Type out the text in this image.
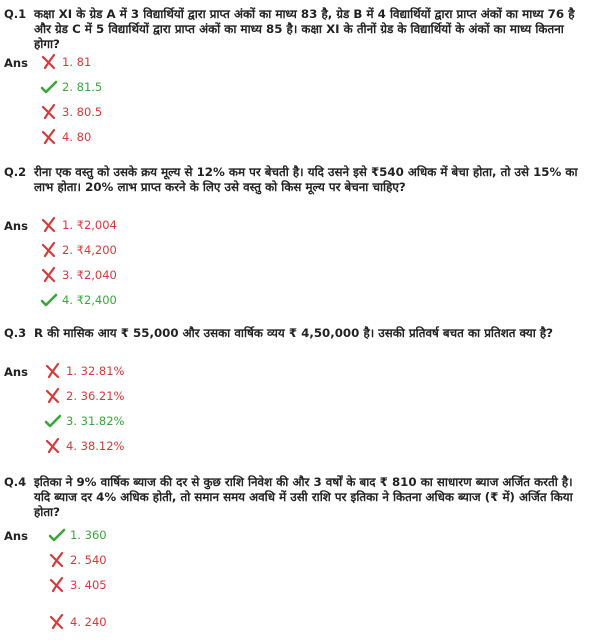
Q.1 कक्षा XI के ग्रेड A में 3 विद्यार्थियों द्वारा प्राप्त अंकों का माध्य 83 है, ग्रेड B में 4 विद्यार्थियों द्वारा प्राप्त अंकों का माध्य 76 है और ग्रेड C में 5 विद्यार्थियों द्वारा प्राप्त अंकों का माध्य 85 है। कक्षा XI के तीनों ग्रेड के विद्यार्थियों के अंकों का माध्य कितना होगा?
Ans	1. 81
2. 81.5
3. 80.5
4. 80
Q.2 रीना एक वस्तु को उसके क्रय मूल्य से 12% कम पर बेचती है। यदि उसने इसे ₹540 अधिक में बेचा होता, तो उसे 15% का लाभ होता। 20% लाभ प्राप्त करने के लिए उसे वस्तु को किस मूल्य पर बेचना चाहिए?
Ans	1. ₹2,004
2. ₹4,200
3. ₹2,040
4. ₹2,400
Q.3 R की मासिक आय ₹ 55,000 और उसका वार्षिक व्यय ₹ 4,50,000 है। उसकी प्रतिवर्ष बचत का प्रतिशत क्या है?
Ans	1. 32.81%
2. 36.21%
3. 31.82%
4. 38.12%
Q.4 इतिका ने 9% वार्षिक ब्याज की दर से कुछ राशि निवेश की और 3 वर्षों के बाद ₹ 810 का साधारण ब्याज अर्जित करती है। यदि ब्याज दर 4% अधिक होती, तो समान समय अवधि में उसी राशि पर इतिका ने कितना अधिक ब्याज (₹ में) अर्जित किया होता?
Ans	1. 360
2. 540
3. 405
4. 240
